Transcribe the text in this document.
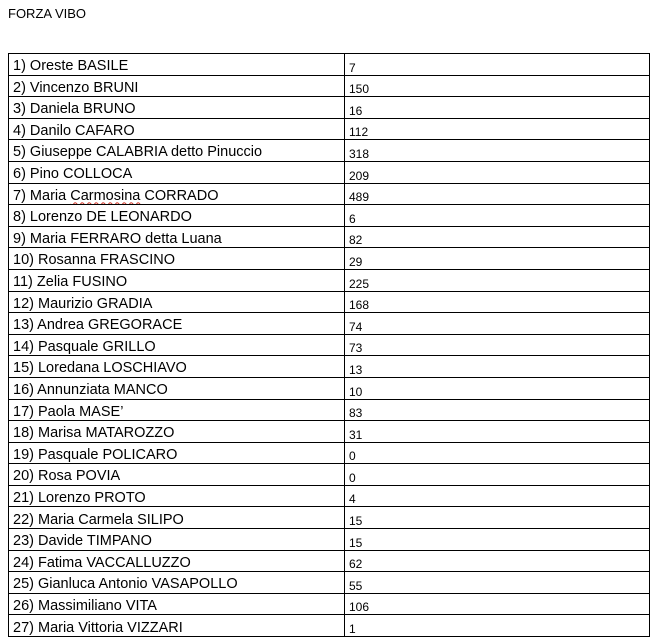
FORZA VIBO
1) Oreste BASILE	7
2) Vincenzo BRUNI	150
3) Daniela BRUNO	16
4) Danilo CAFARO	112
5) Giuseppe CALABRIA detto Pinuccio	318
6) Pino COLLOCA	209
7) Maria Carmosina CORRADO	489
8) Lorenzo DE LEONARDO	6
9) Maria FERRARO detta Luana	82
10) Rosanna FRASCINO	29
11) Zelia FUSINO	225
12) Maurizio GRADIA	168
13) Andrea GREGORACE	74
14) Pasquale GRILLO	73
15) Loredana LOSCHIAVO	13
16) Annunziata MANCO	10
17) Paola MASE’	83
18) Marisa MATAROZZO	31
19) Pasquale POLICARO	0
20) Rosa POVIA	0
21) Lorenzo PROTO	4
22) Maria Carmela SILIPO	15
23) Davide TIMPANO	15
24) Fatima VACCALLUZZO	62
25) Gianluca Antonio VASAPOLLO	55
26) Massimiliano VITA	106
27) Maria Vittoria VIZZARI	1
